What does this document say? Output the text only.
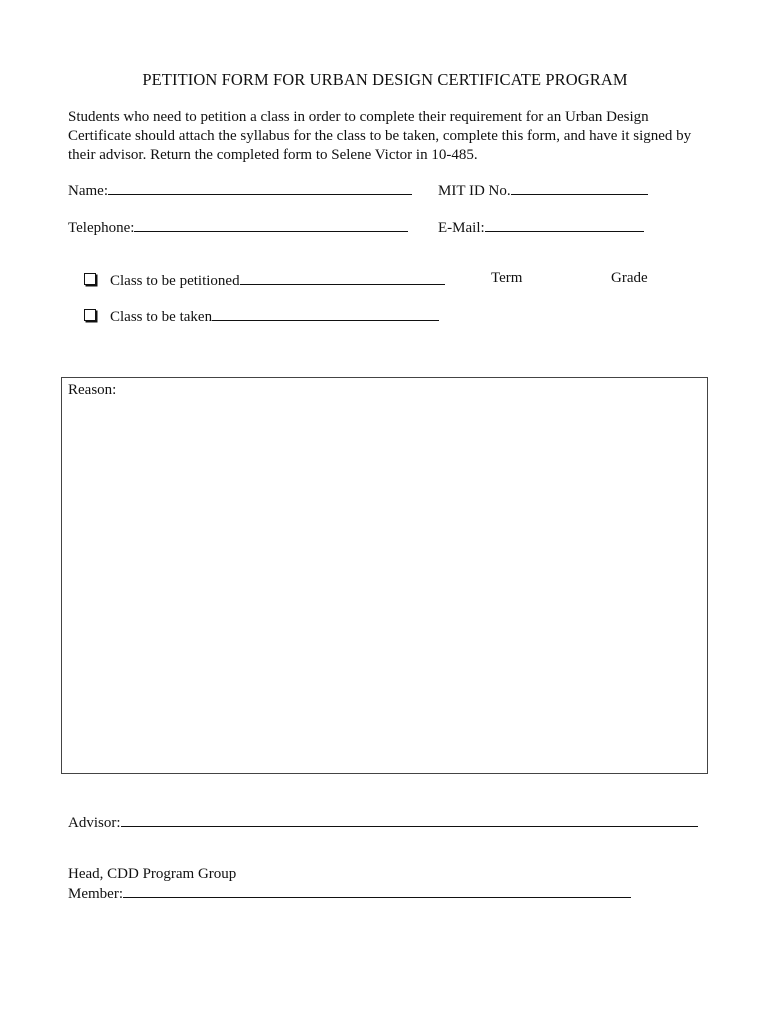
PETITION FORM FOR URBAN DESIGN CERTIFICATE PROGRAM
Students who need to petition a class in order to complete their requirement for an Urban Design
Certificate should attach the syllabus for the class to be taken, complete this form, and have it signed by
their advisor. Return the completed form to Selene Victor in 10-485.
Name:	MIT ID No.
Telephone:	E-Mail:
Class to be petitioned	Term	Grade
Class to be taken
Reason:
Advisor:
Head, CDD Program Group
Member:
